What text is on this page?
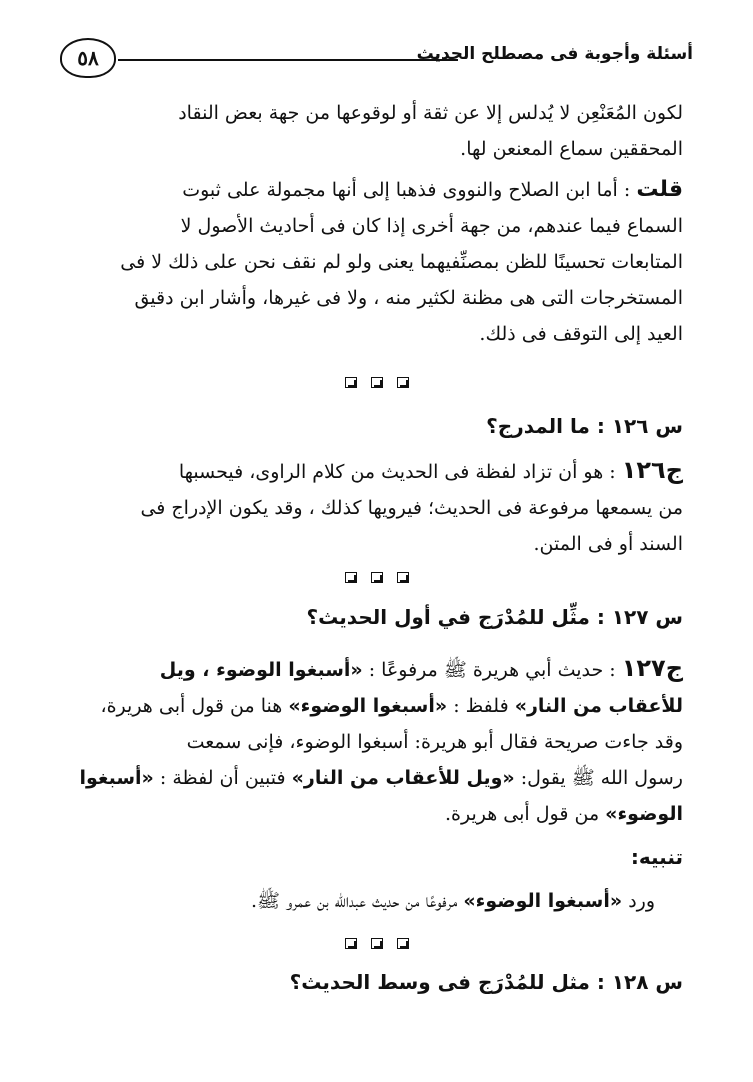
٥٨	أسئلة وأجوبة فى مصطلح الحديث

لكون المُعَنْعِن لا يُدلس إلا عن ثقة أو لوقوعها من جهة بعض النقاد

المحققين سماع المعنعن لها.

قلت : أما ابن الصلاح والنووى فذهبا إلى أنها مجمولة على ثبوت

السماع فيما عندهم، من جهة أخرى إذا كان فى أحاديث الأصول لا

المتابعات تحسينًا للظن بمصنِّفيهما يعنى ولو لم نقف نحن على ذلك لا فى

المستخرجات التى هى مظنة لكثير منه ، ولا فى غيرها، وأشار ابن دقيق

العيد إلى التوقف فى ذلك.

س ١٢٦ : ما المدرج؟

ج١٢٦ : هو أن تزاد لفظة فى الحديث من كلام الراوى، فيحسبها

من يسمعها مرفوعة فى الحديث؛ فيرويها كذلك ، وقد يكون الإدراج فى

السند أو فى المتن.

س ١٢٧ : مثِّل للمُدْرَج في أول الحديث؟

ج١٢٧ : حديث أبي هريرة ﷺ مرفوعًا : «أسبغوا الوضوء ، ويل

للأعقاب من النار» فلفظ : «أسبغوا الوضوء» هنا من قول أبى هريرة،

وقد جاءت صريحة فقال أبو هريرة: أسبغوا الوضوء، فإنى سمعت

رسول الله ﷺ يقول: «ويل للأعقاب من النار» فتبين أن لفظة : «أسبغوا

الوضوء» من قول أبى هريرة.

تنبيه:

ورد «أسبغوا الوضوء» مرفوعًا من حديث عبدالله بن عمرو ﷺ.

س ١٢٨ : مثل للمُدْرَج فى وسط الحديث؟
